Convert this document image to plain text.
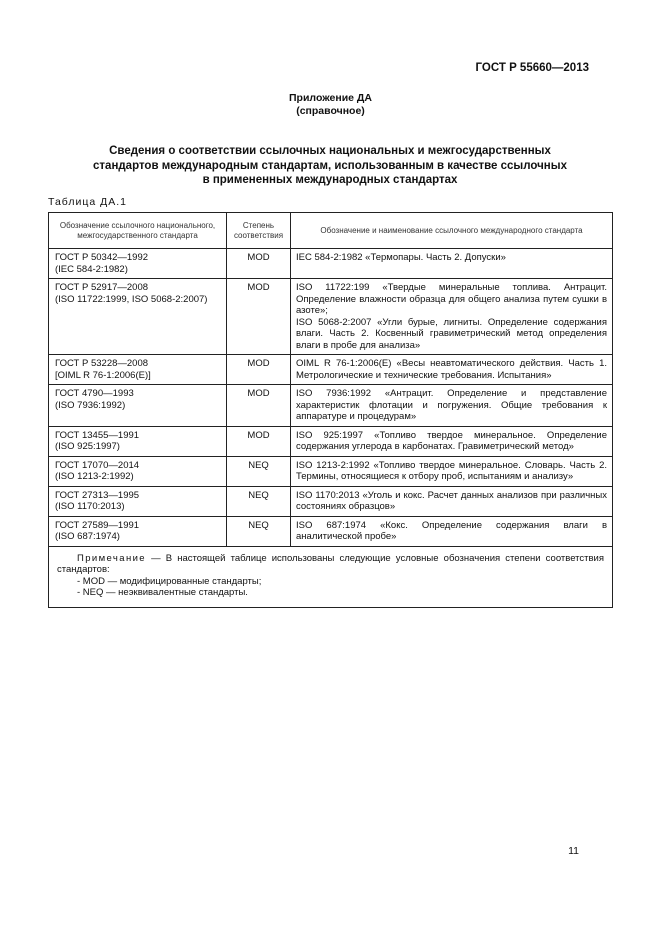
ГОСТ Р 55660—2013
Приложение ДА
(справочное)
Сведения о соответствии ссылочных национальных и межгосударственных
стандартов международным стандартам, использованным в качестве ссылочных
в примененных международных стандартах
Таблица ДА.1
Обозначение ссылочного национального, межгосударственного стандарта	Степень соответствия	Обозначение и наименование ссылочного международного стандарта
ГОСТ Р 50342—1992
(IEC 584-2:1982)	MOD	IEC 584-2:1982 «Термопары. Часть 2. Допуски»
ГОСТ Р 52917—2008
(ISO 11722:1999, ISO 5068-2:2007)	MOD	ISO 11722:199 «Твердые минеральные топлива. Антрацит. Определение влажности образца для общего анализа путем сушки в азоте»;
ISO 5068-2:2007 «Угли бурые, лигниты. Определение содержания влаги. Часть 2. Косвенный гравиметрический метод определения влаги в пробе для анализа»
ГОСТ Р 53228—2008
[OIML R 76-1:2006(E)]	MOD	OIML R 76-1:2006(E) «Весы неавтоматического действия. Часть 1. Метрологические и технические требования. Испытания»
ГОСТ 4790—1993
(ISO 7936:1992)	MOD	ISO 7936:1992 «Антрацит. Определение и представление характеристик флотации и погружения. Общие требования к аппаратуре и процедурам»
ГОСТ 13455—1991
(ISO 925:1997)	MOD	ISO 925:1997 «Топливо твердое минеральное. Определение содержания углерода в карбонатах. Гравиметрический метод»
ГОСТ 17070—2014
(ISO 1213-2:1992)	NEQ	ISO 1213-2:1992 «Топливо твердое минеральное. Словарь. Часть 2. Термины, относящиеся к отбору проб, испытаниям и анализу»
ГОСТ 27313—1995
(ISO 1170:2013)	NEQ	ISO 1170:2013 «Уголь и кокс. Расчет данных анализов при различных состояниях образцов»
ГОСТ 27589—1991
(ISO 687:1974)	NEQ	ISO 687:1974 «Кокс. Определение содержания влаги в аналитической пробе»

Примечание — В настоящей таблице использованы следующие условные обозначения степени соответствия стандартов:
- MOD — модифицированные стандарты;
- NEQ — неэквивалентные стандарты.		
11
